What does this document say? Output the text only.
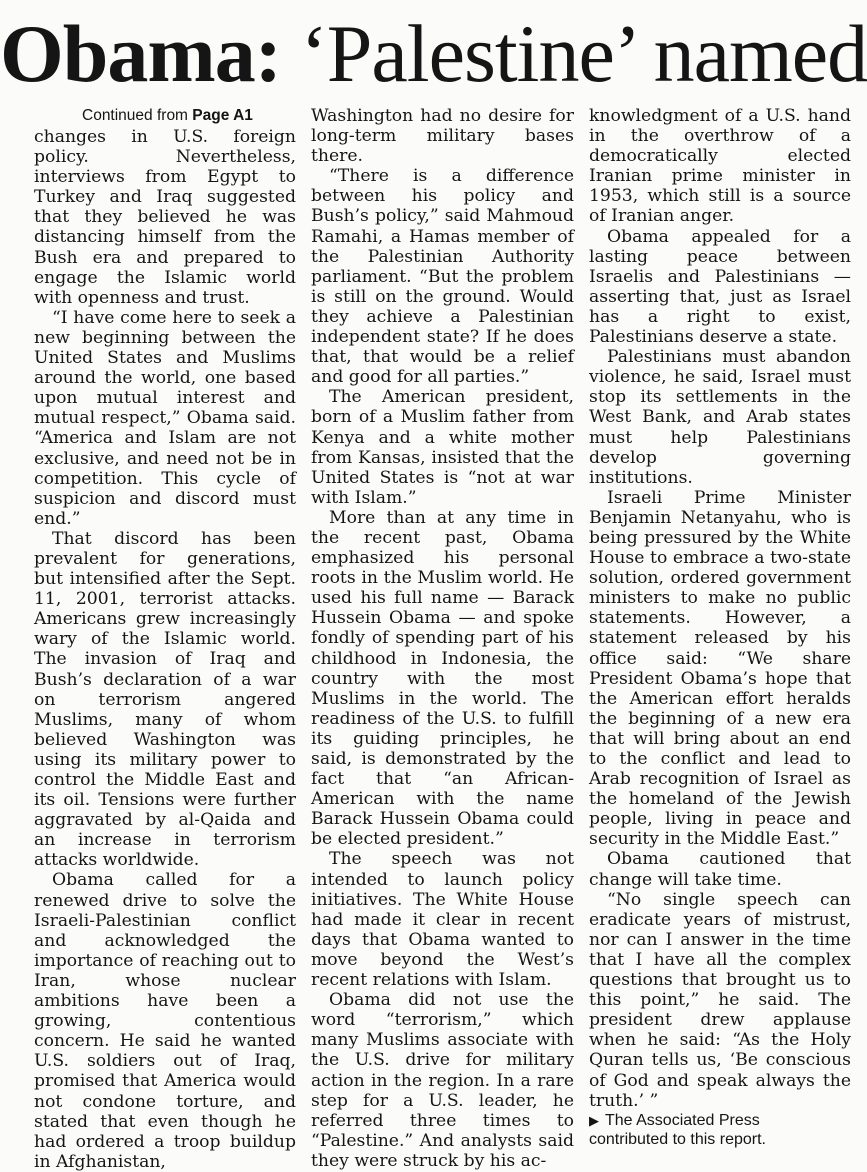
Obama: ‘Palestine’ named
Continued from Page A1

changes in U.S. foreign policy. Nevertheless, interviews from Egypt to Turkey and Iraq suggested that they believed he was distancing himself from the Bush era and prepared to engage the Islamic world with openness and trust.

“I have come here to seek a new beginning between the United States and Muslims around the world, one based upon mutual interest and mutual respect,” Obama said. “America and Islam are not exclusive, and need not be in competition. This cycle of suspicion and discord must end.”

That discord has been prevalent for generations, but intensified after the Sept. 11, 2001, terrorist attacks. Americans grew increasingly wary of the Islamic world. The invasion of Iraq and Bush’s declaration of a war on terrorism angered Muslims, many of whom believed Washington was using its military power to control the Middle East and its oil. Tensions were further aggravated by al-Qaida and an increase in terrorism attacks worldwide.

Obama called for a renewed drive to solve the Israeli-Palestinian conflict and acknowledged the importance of reaching out to Iran, whose nuclear ambitions have been a growing, contentious concern. He said he wanted U.S. soldiers out of Iraq, promised that America would not condone torture, and stated that even though he had ordered a troop buildup in Afghanistan,

Washington had no desire for long-term military bases there.

“There is a difference between his policy and Bush’s policy,” said Mahmoud Ramahi, a Hamas member of the Palestinian Authority parliament. “But the problem is still on the ground. Would they achieve a Palestinian independent state? If he does that, that would be a relief and good for all parties.”

The American president, born of a Muslim father from Kenya and a white mother from Kansas, insisted that the United States is “not at war with Islam.”

More than at any time in the recent past, Obama emphasized his personal roots in the Muslim world. He used his full name — Barack Hussein Obama — and spoke fondly of spending part of his childhood in Indonesia, the country with the most Muslims in the world. The readiness of the U.S. to fulfill its guiding principles, he said, is demonstrated by the fact that “an African-American with the name Barack Hussein Obama could be elected president.”

The speech was not intended to launch policy initiatives. The White House had made it clear in recent days that Obama wanted to move beyond the West’s recent relations with Islam.

Obama did not use the word “terrorism,” which many Muslims associate with the U.S. drive for military action in the region. In a rare step for a U.S. leader, he referred three times to “Palestine.” And analysts said they were struck by his ac-

knowledgment of a U.S. hand in the overthrow of a democratically elected Iranian prime minister in 1953, which still is a source of Iranian anger.

Obama appealed for a lasting peace between Israelis and Palestinians — asserting that, just as Israel has a right to exist, Palestinians deserve a state.

Palestinians must abandon violence, he said, Israel must stop its settlements in the West Bank, and Arab states must help Palestinians develop governing institutions.

Israeli Prime Minister Benjamin Netanyahu, who is being pressured by the White House to embrace a two-state solution, ordered government ministers to make no public statements. However, a statement released by his office said: “We share President Obama’s hope that the American effort heralds the beginning of a new era that will bring about an end to the conflict and lead to Arab recognition of Israel as the homeland of the Jewish people, living in peace and security in the Middle East.”

Obama cautioned that change will take time.

“No single speech can eradicate years of mistrust, nor can I answer in the time that I have all the complex questions that brought us to this point,” he said. The president drew applause when he said: “As the Holy Quran tells us, ‘Be conscious of God and speak always the truth.’ ”

▶ The Associated Press
contributed to this report.
